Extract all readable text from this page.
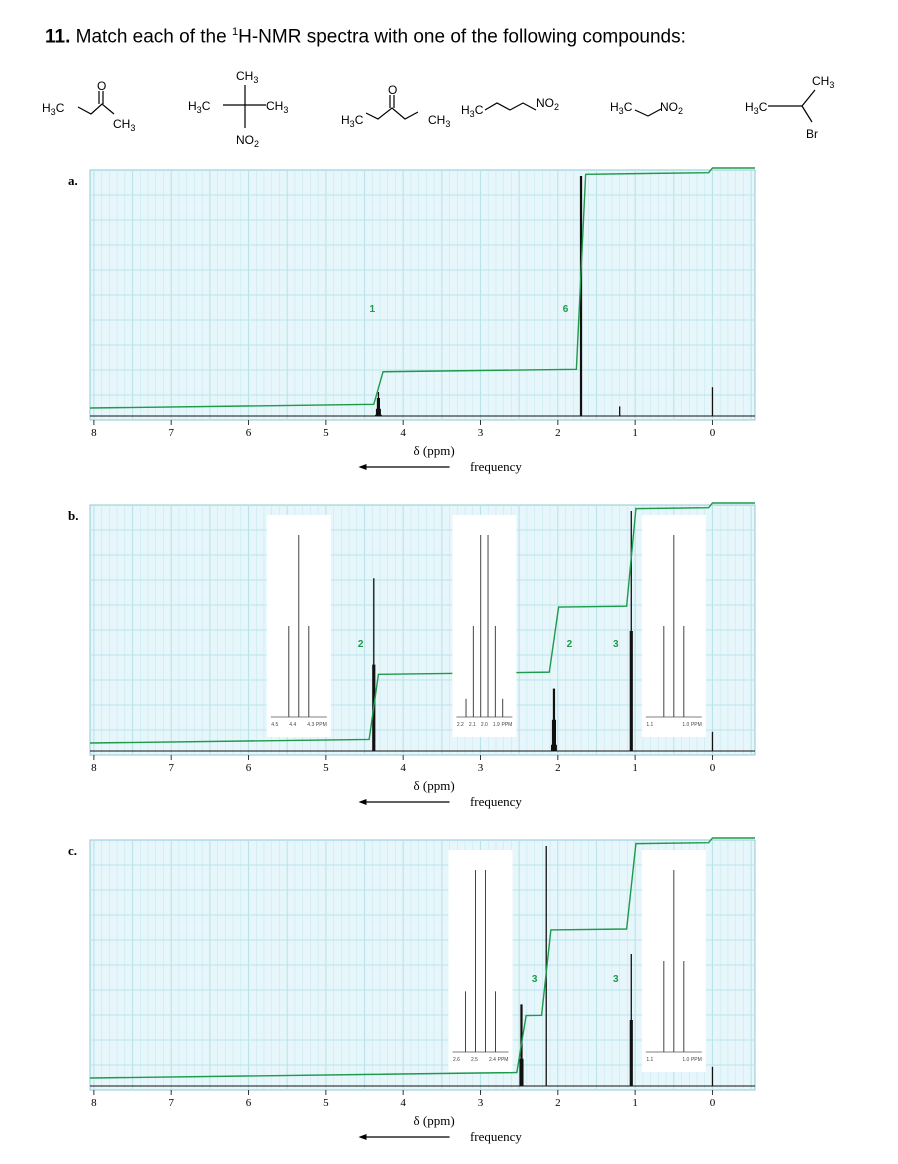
11. Match each of the $^1$H-NMR spectra with one of the following compounds:
$H_3C$
O
$CH_3$
$CH_3$
$H_3C$	$CH_3$
$NO_2$
O
$H_3C$	$CH_3$
$H_3C$	$NO_2$	$H_3C$ $NO_2$
$CH_3$
$H_3C$
Br
a.
8	7	6	5	4	3	2	1	0
δ (ppm)
frequency
1	6
b.
8	7	6	5	4	3	2	1	0
δ (ppm)
frequency
2	2	3
4.5 4.4 4.3 PPM	2.2 2.1 2.0 1.9 PPM	1.1	1.0 PPM
c.
8	7	6	5	4	3	2	1	0
δ (ppm)
frequency
3	3
2.6 2.5 2.4 PPM	1.1	1.0 PPM
